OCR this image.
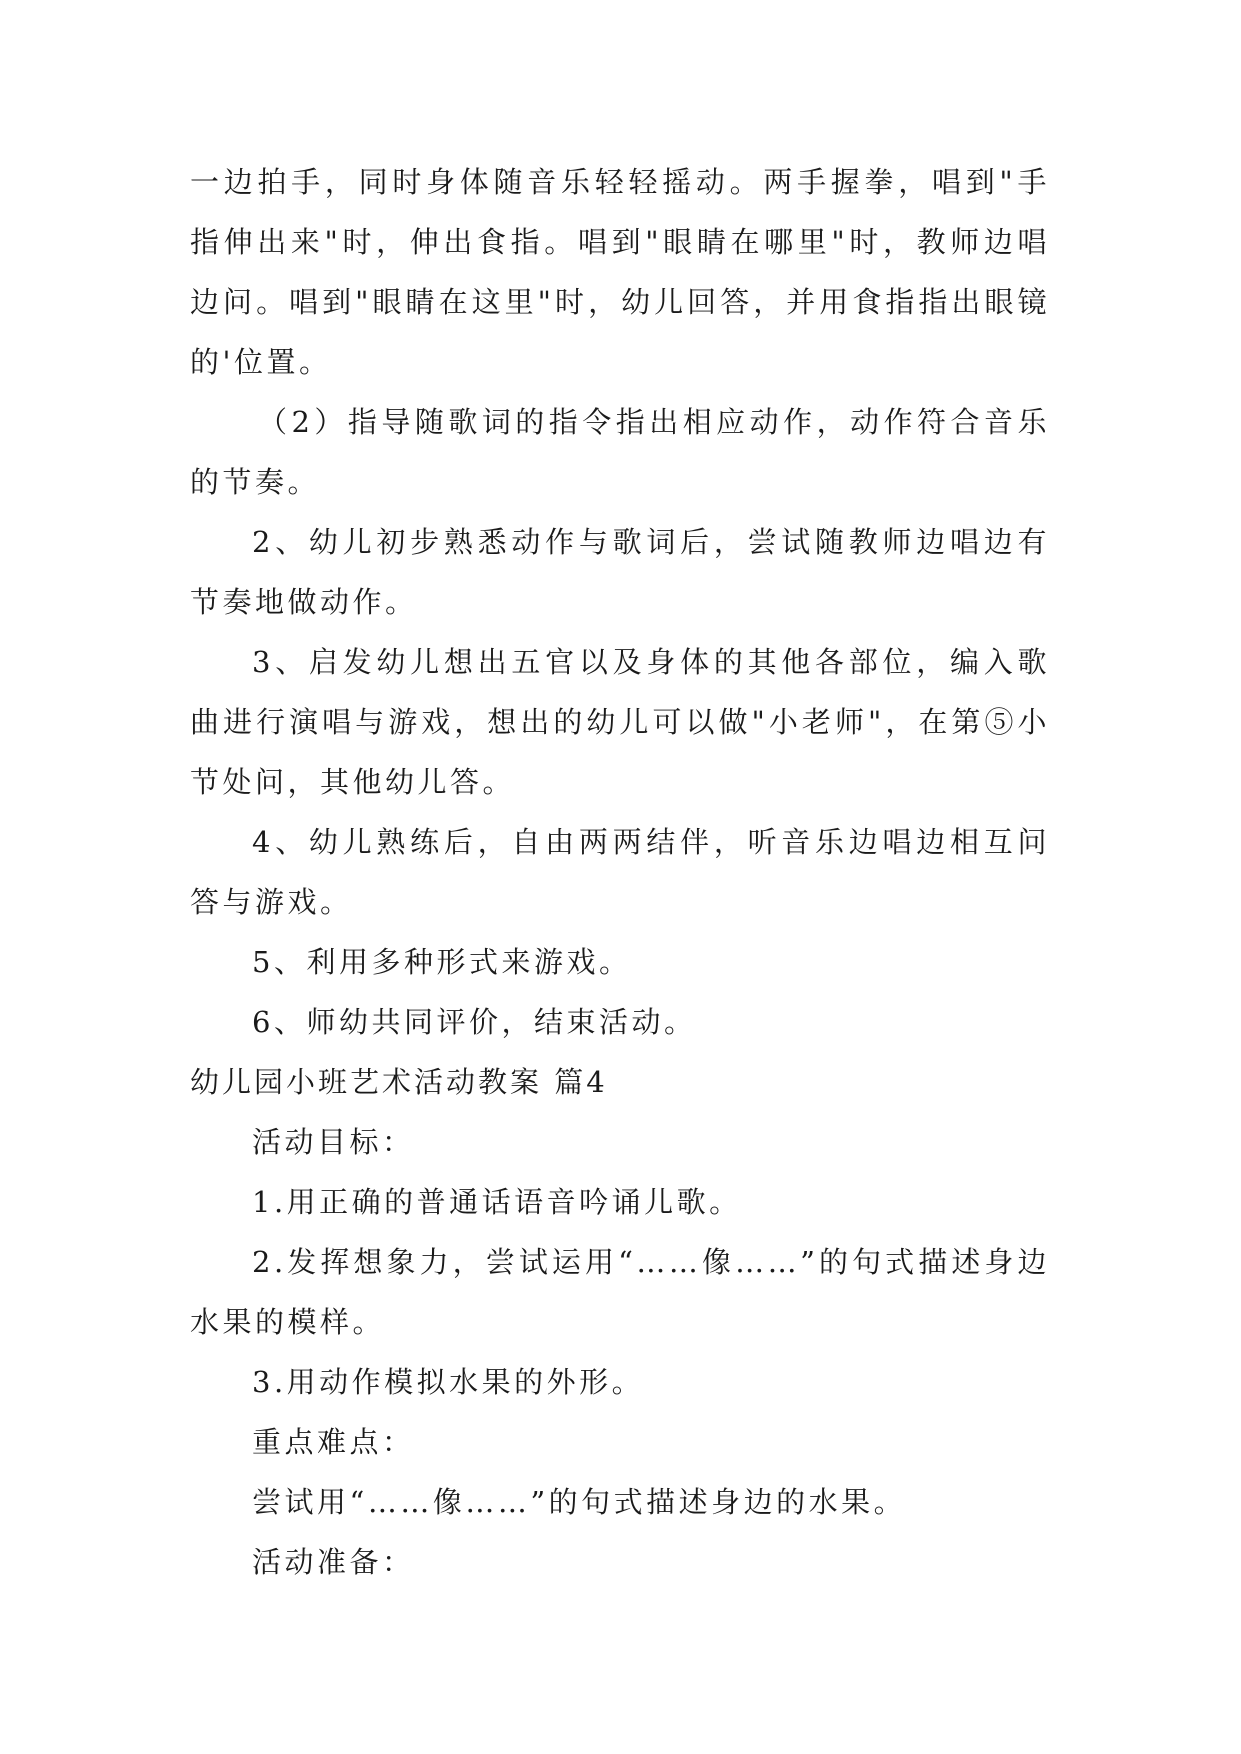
一边拍手，同时身体随音乐轻轻摇动。两手握拳，唱到"手指伸出来"时，伸出食指。唱到"眼睛在哪里"时，教师边唱边问。唱到"眼睛在这里"时，幼儿回答，并用食指指出眼镜的'位置。

（2）指导随歌词的指令指出相应动作，动作符合音乐的节奏。

2、幼儿初步熟悉动作与歌词后，尝试随教师边唱边有节奏地做动作。

3、启发幼儿想出五官以及身体的其他各部位，编入歌曲进行演唱与游戏，想出的幼儿可以做"小老师"，在第⑤小节处问，其他幼儿答。

4、幼儿熟练后，自由两两结伴，听音乐边唱边相互问答与游戏。

5、利用多种形式来游戏。

6、师幼共同评价，结束活动。

幼儿园小班艺术活动教案 篇4

活动目标：

1.用正确的普通话语音吟诵儿歌。

2.发挥想象力，尝试运用“……像……”的句式描述身边水果的模样。

3.用动作模拟水果的外形。

重点难点：

尝试用“……像……”的句式描述身边的水果。

活动准备：
